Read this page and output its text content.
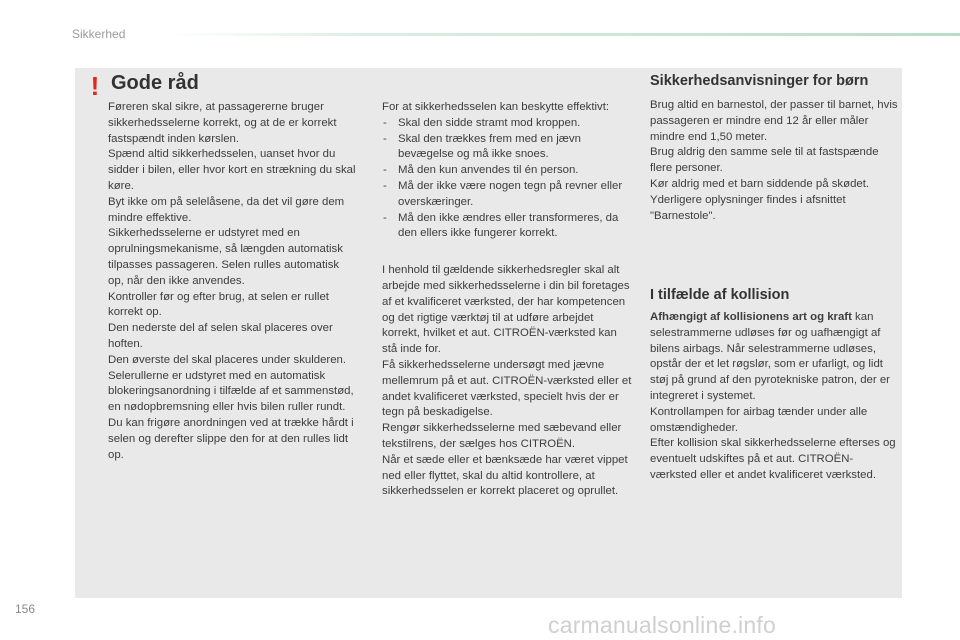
Sikkerhed
! Gode råd

Føreren skal sikre, at passagererne bruger sikkerhedsselerne korrekt, og at de er korrekt fastspændt inden kørslen.

Spænd altid sikkerhedsselen, uanset hvor du sidder i bilen, eller hvor kort en strækning du skal køre.

Byt ikke om på selelåsene, da det vil gøre dem mindre effektive.

Sikkerhedsselerne er udstyret med en oprulningsmekanisme, så længden automatisk tilpasses passageren. Selen rulles automatisk op, når den ikke anvendes.

Kontroller før og efter brug, at selen er rullet korrekt op.

Den nederste del af selen skal placeres over hoften.

Den øverste del skal placeres under skulderen.

Selerullerne er udstyret med en automatisk blokeringsanordning i tilfælde af et sammenstød, en nødopbremsning eller hvis bilen ruller rundt. Du kan frigøre anordningen ved at trække hårdt i selen og derefter slippe den for at den rulles lidt op.

For at sikkerhedsselen kan beskytte effektivt:

- Skal den sidde stramt mod kroppen.

- Skal den trækkes frem med en jævn bevægelse og må ikke snoes.

- Må den kun anvendes til én person.

- Må der ikke være nogen tegn på revner eller overskæringer.

- Må den ikke ændres eller transformeres, da den ellers ikke fungerer korrekt.

I henhold til gældende sikkerhedsregler skal alt arbejde med sikkerhedsselerne i din bil foretages af et kvalificeret værksted, der har kompetencen og det rigtige værktøj til at udføre arbejdet korrekt, hvilket et aut. CITROËN-værksted kan stå inde for.

Få sikkerhedsselerne undersøgt med jævne mellemrum på et aut. CITROËN-værksted eller et andet kvalificeret værksted, specielt hvis der er tegn på beskadigelse.

Rengør sikkerhedsselerne med sæbevand eller tekstilrens, der sælges hos CITROËN.

Når et sæde eller et bænksæde har været vippet ned eller flyttet, skal du altid kontrollere, at sikkerhedsselen er korrekt placeret og oprullet.

Sikkerhedsanvisninger for børn

Brug altid en barnestol, der passer til barnet, hvis passageren er mindre end 12 år eller måler mindre end 1,50 meter.

Brug aldrig den samme sele til at fastspænde flere personer.

Kør aldrig med et barn siddende på skødet.

Yderligere oplysninger findes i afsnittet "Barnestole".

I tilfælde af kollision

Afhængigt af kollisionens art og kraft kan selestrammerne udløses før og uafhængigt af bilens airbags. Når selestrammerne udløses, opstår der et let røgslør, som er ufarligt, og lidt støj på grund af den pyrotekniske patron, der er integreret i systemet.

Kontrollampen for airbag tænder under alle omstændigheder.

Efter kollision skal sikkerhedsselerne efterses og eventuelt udskiftes på et aut. CITROËN-værksted eller et andet kvalificeret værksted.

156
carmanualsonline.info
